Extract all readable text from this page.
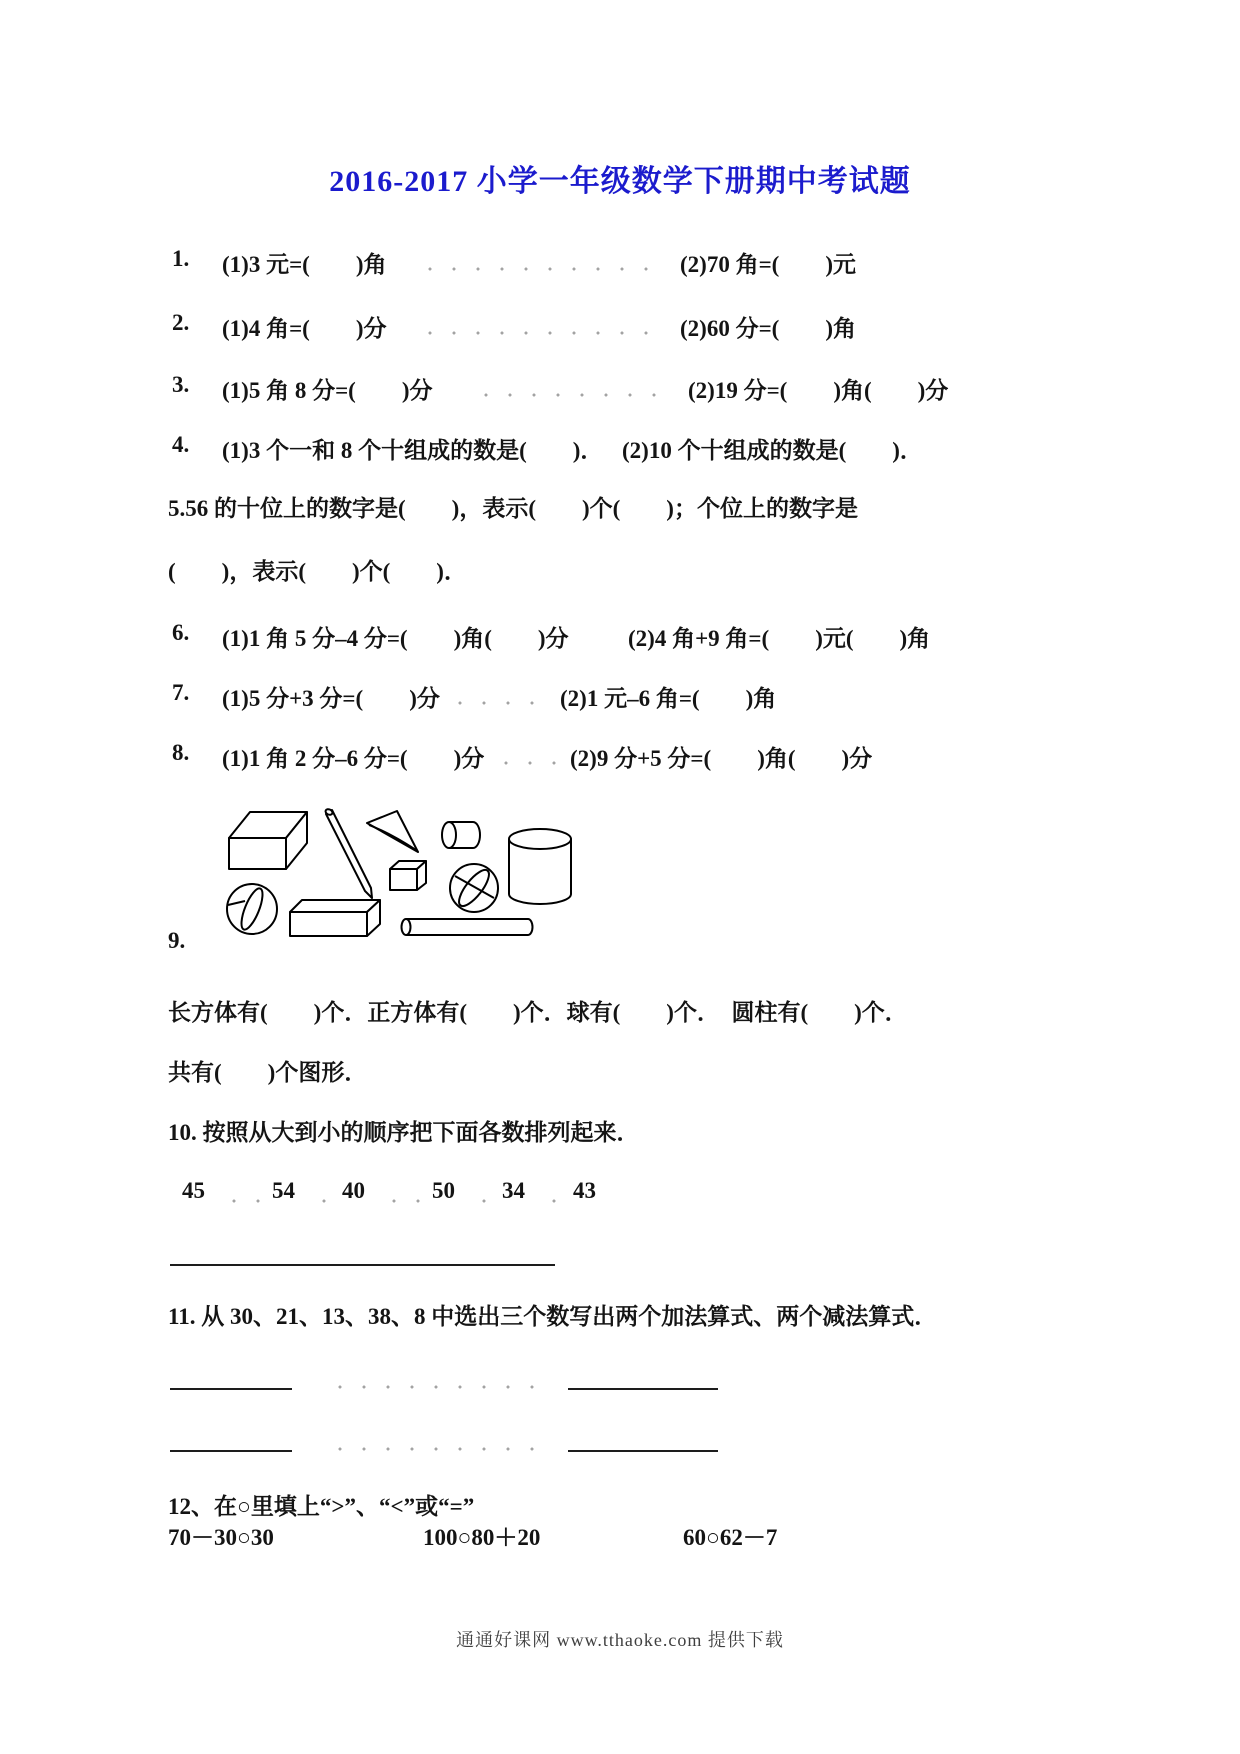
2016-2017 小学一年级数学下册期中考试题
1. (1)3 元=(　　)角	(2)70 角=(　　)元
2. (1)4 角=(　　)分	(2)60 分=(　　)角
3. (1)5 角 8 分=(　　)分	(2)19 分=(　　)角(　　)分
4. (1)3 个一和 8 个十组成的数是(　　)． (2)10 个十组成的数是(　　)．
5.56 的十位上的数字是(　　)，表示(　　)个(　　)；个位上的数字是
(　　)，表示(　　)个(　　)．
6. (1)1 角 5 分–4 分=(　　)角(　　)分	(2)4 角+9 角=(　　)元(　　)角
7. (1)5 分+3 分=(　　)分	(2)1 元–6 角=(　　)角
8. (1)1 角 2 分–6 分=(　　)分	(2)9 分+5 分=(　　)角(　　)分
9.
长方体有(　　)个．正方体有(　　)个．球有(　　)个．　圆柱有(　　)个．
共有(　　)个图形．
10. 按照从大到小的顺序把下面各数排列起来．
45	54 40	50 34 43
11. 从 30、21、13、38、8 中选出三个数写出两个加法算式、两个减法算式．
12、在○里填上“>”、“<”或“=”
70－30○30	100○80＋20	60○62－7
通通好课网 www.tthaoke.com 提供下载
